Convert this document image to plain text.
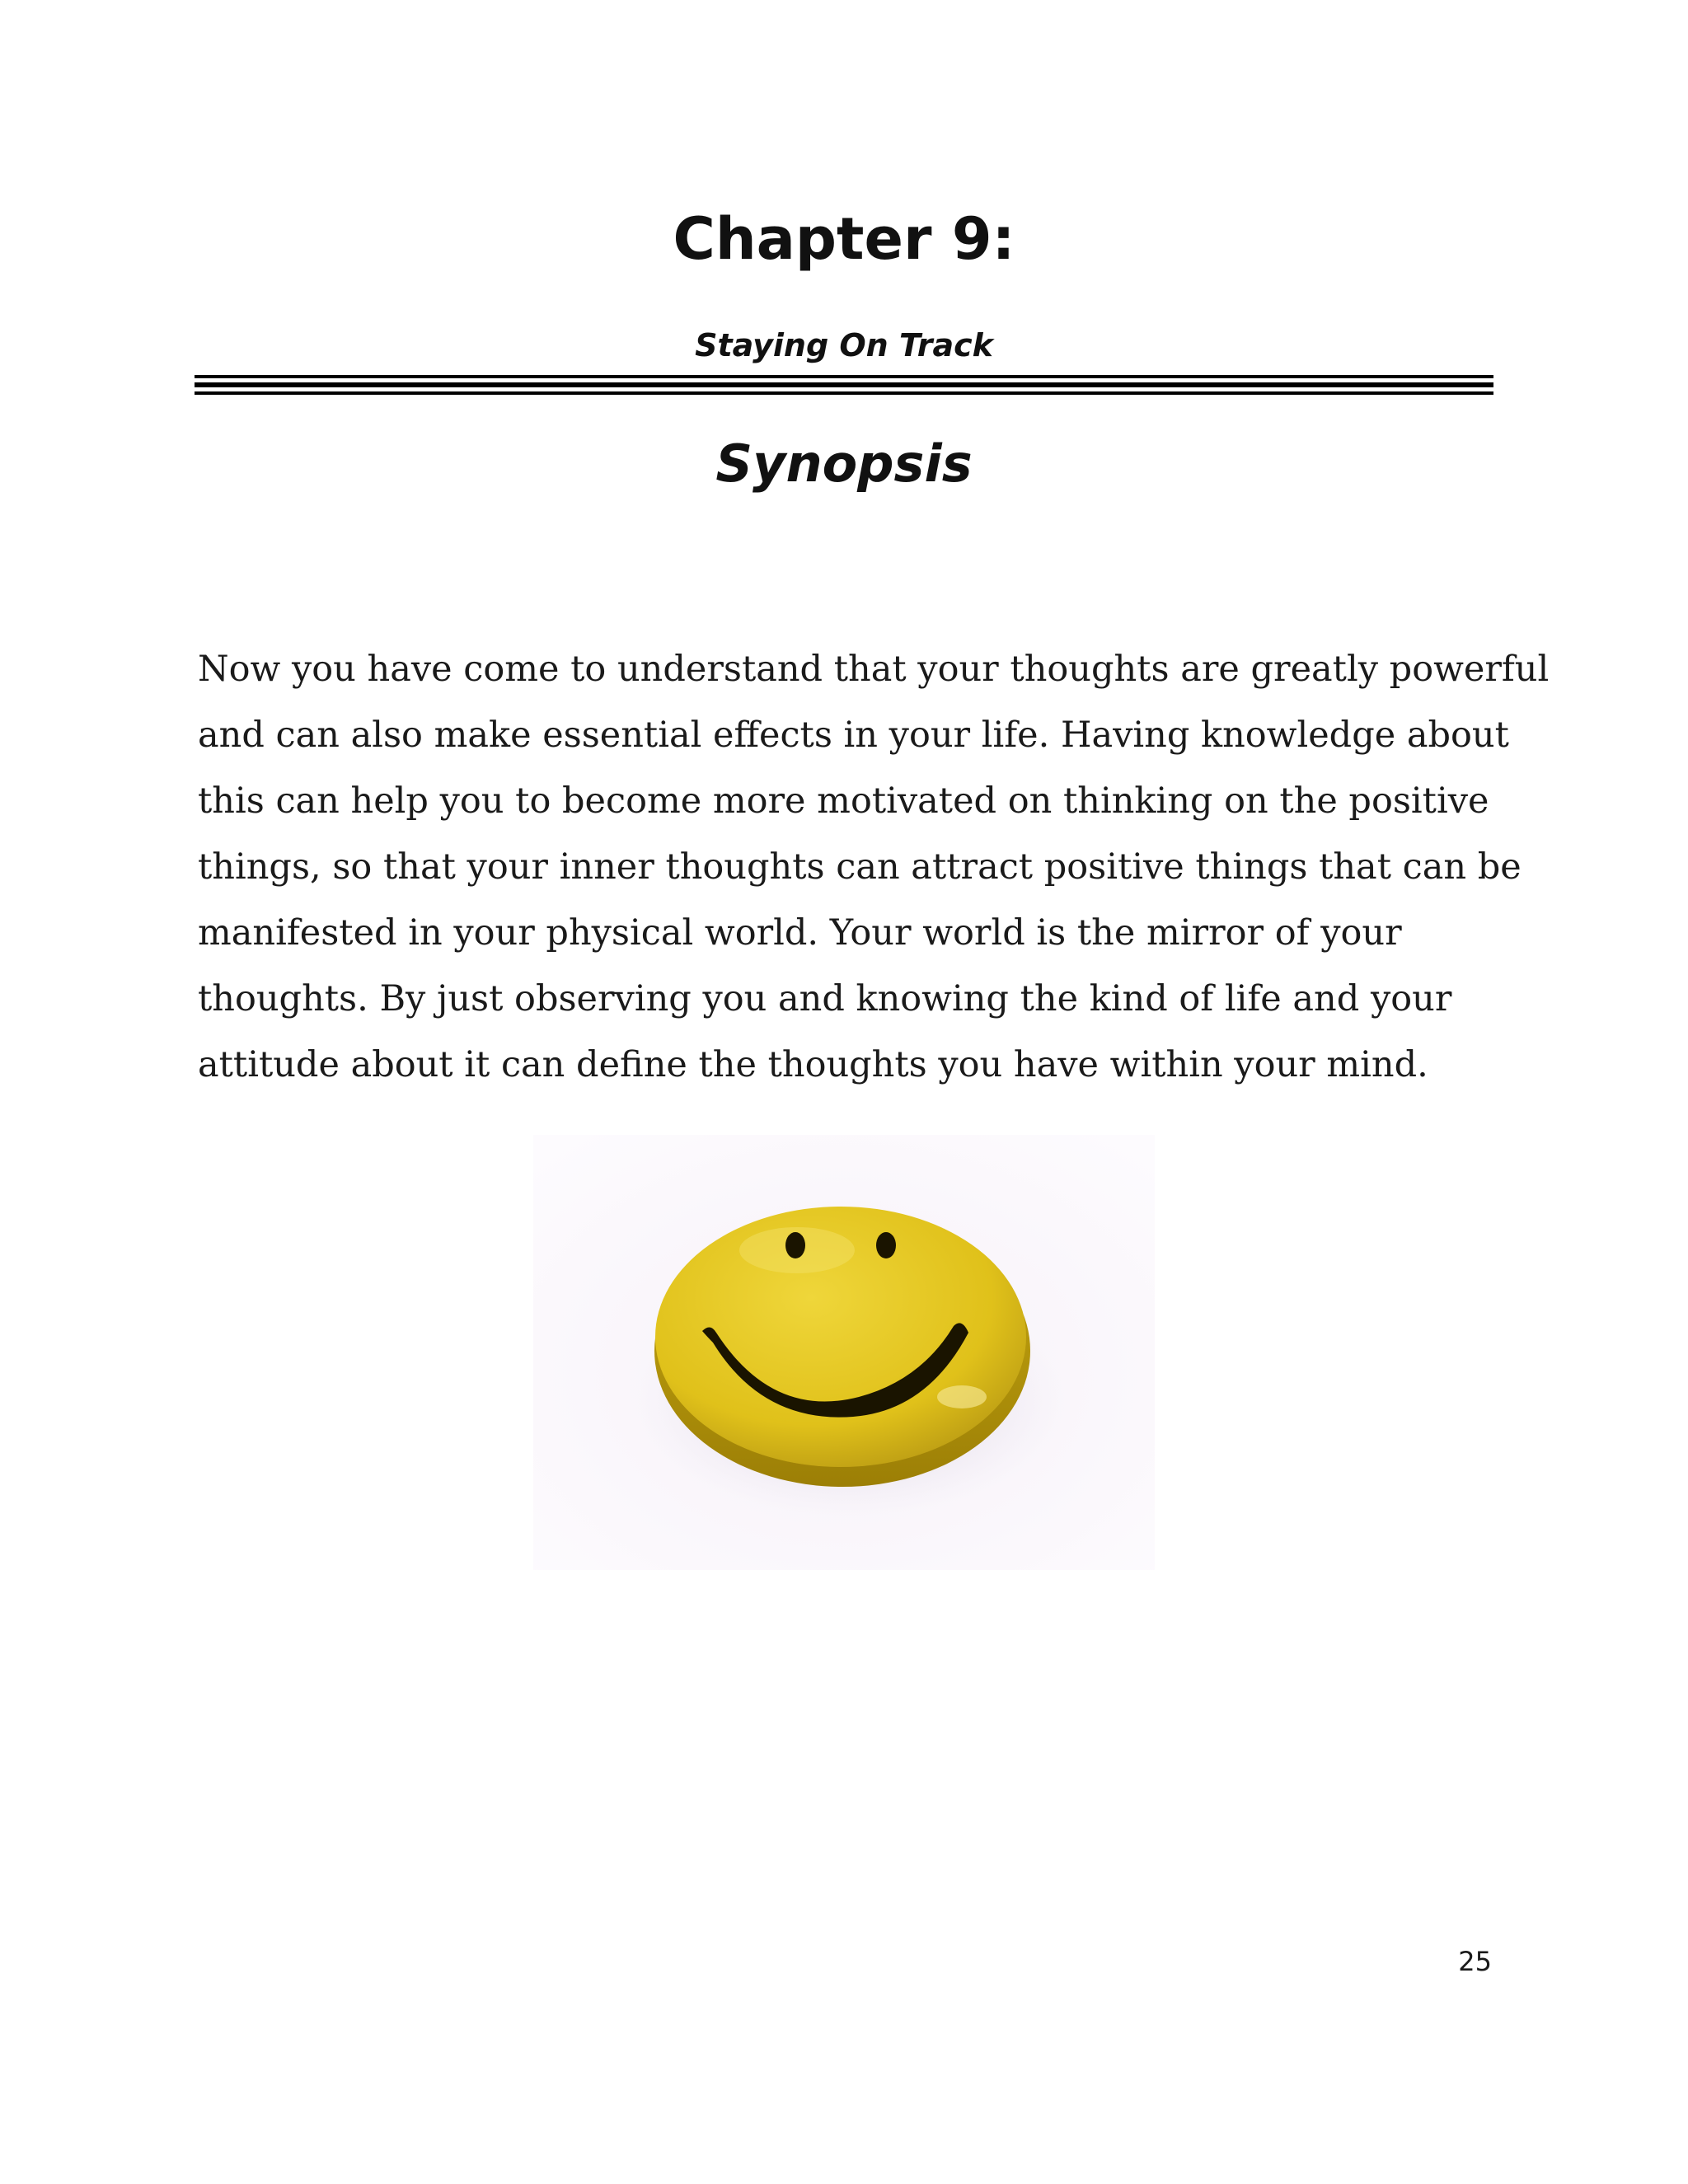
Chapter 9:
Staying On Track
Synopsis
Now you have come to understand that your thoughts are greatly powerful
and can also make essential effects in your life. Having knowledge about
this can help you to become more motivated on thinking on the positive
things, so that your inner thoughts can attract positive things that can be
manifested in your physical world. Your world is the mirror of your
thoughts. By just observing you and knowing the kind of life and your
attitude about it can define the thoughts you have within your mind.
25
